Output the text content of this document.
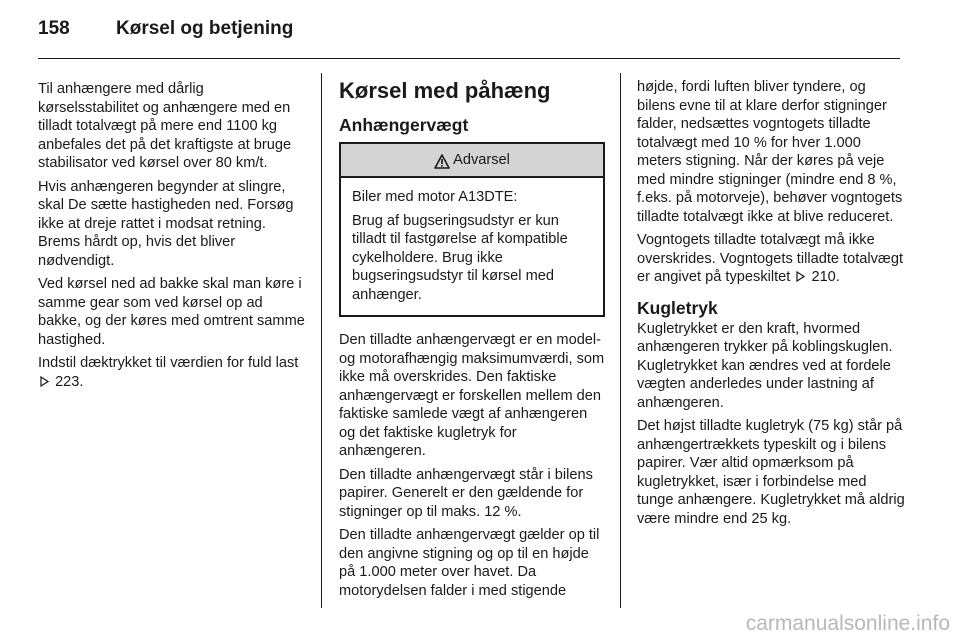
158	Kørsel og betjening

Til anhængere med dårlig kørselsstabilitet og anhængere med en tilladt totalvægt på mere end 1100 kg anbefales det på det kraftigste at bruge stabilisator ved kørsel over 80 km/t.

Hvis anhængeren begynder at slingre, skal De sætte hastigheden ned. Forsøg ikke at dreje rattet i modsat retning. Brems hårdt op, hvis det bliver nødvendigt.

Ved kørsel ned ad bakke skal man køre i samme gear som ved kørsel op ad bakke, og der køres med omtrent samme hastighed.

Indstil dæktrykket til værdien for fuld last  223.

Kørsel med påhæng
Anhængervægt
Advarsel

Biler med motor A13DTE:

Brug af bugseringsudstyr er kun tilladt til fastgørelse af kompatible cykelholdere. Brug ikke bugseringsudstyr til kørsel med anhænger.

Den tilladte anhængervægt er en model- og motorafhængig maksimumværdi, som ikke må overskrides. Den faktiske anhængervægt er forskellen mellem den faktiske samlede vægt af anhængeren og det faktiske kugletryk for anhængeren.

Den tilladte anhængervægt står i bilens papirer. Generelt er den gældende for stigninger op til maks. 12 %.

Den tilladte anhængervægt gælder op til den angivne stigning og op til en højde på 1.000 meter over havet. Da motorydelsen falder i med stigende

højde, fordi luften bliver tyndere, og bilens evne til at klare derfor stigninger falder, nedsættes vogntogets tilladte totalvægt med 10 % for hver 1.000 meters stigning. Når der køres på veje med mindre stigninger (mindre end 8 %, f.eks. på motorveje), behøver vogntogets tilladte totalvægt ikke at blive reduceret.

Vogntogets tilladte totalvægt må ikke overskrides. Vogntogets tilladte totalvægt er angivet på typeskiltet 210.

Kugletryk

Kugletrykket er den kraft, hvormed anhængeren trykker på koblingskuglen. Kugletrykket kan ændres ved at fordele vægten anderledes under lastning af anhængeren.

Det højst tilladte kugletryk (75 kg) står på anhængertrækkets typeskilt og i bilens papirer. Vær altid opmærksom på kugletrykket, især i forbindelse med tunge anhængere. Kugletrykket må aldrig være mindre end 25 kg.

carmanualsonline.info
